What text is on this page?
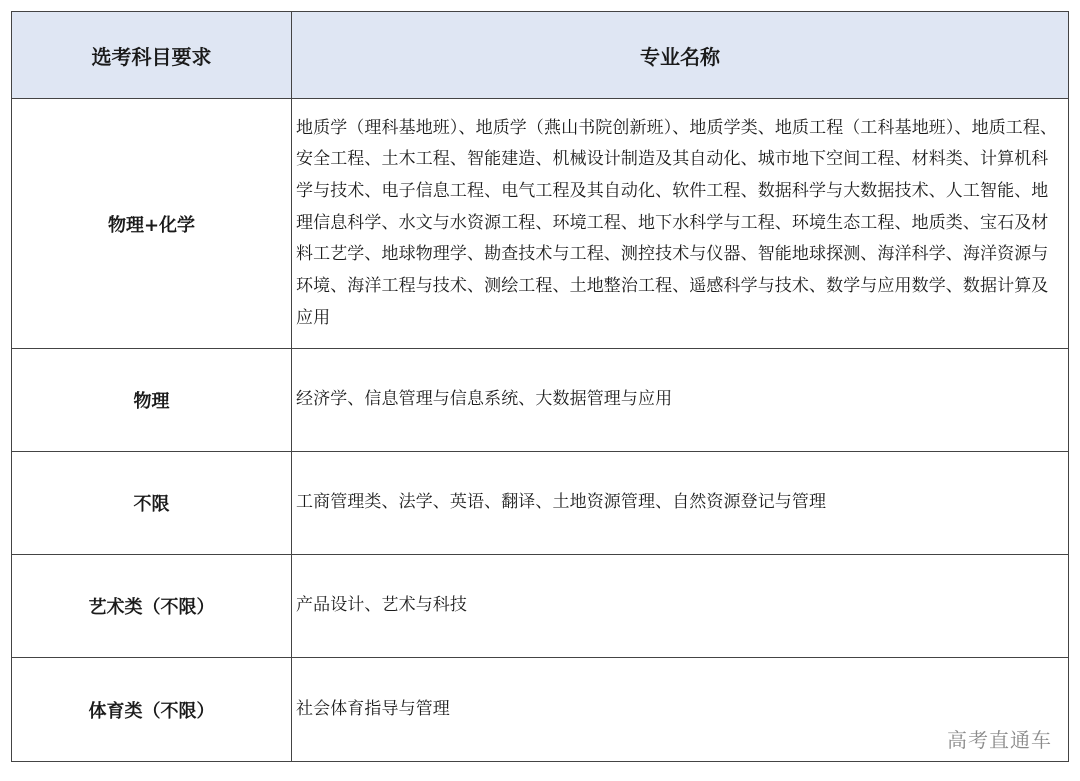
选考科目要求	专业名称
物理+化学	地质学（理科基地班）、地质学（燕山书院创新班）、地质学类、地质工程（工科基地班）、地质工程、安全工程、土木工程、智能建造、机械设计制造及其自动化、城市地下空间工程、材料类、计算机科学与技术、电子信息工程、电气工程及其自动化、软件工程、数据科学与大数据技术、人工智能、地理信息科学、水文与水资源工程、环境工程、地下水科学与工程、环境生态工程、地质类、宝石及材料工艺学、地球物理学、勘查技术与工程、测控技术与仪器、智能地球探测、海洋科学、海洋资源与环境、海洋工程与技术、测绘工程、土地整治工程、遥感科学与技术、数学与应用数学、数据计算及应用
物理	经济学、信息管理与信息系统、大数据管理与应用
不限	工商管理类、法学、英语、翻译、土地资源管理、自然资源登记与管理
艺术类（不限）	产品设计、艺术与科技
体育类（不限）	社会体育指导与管理
高考直通车
